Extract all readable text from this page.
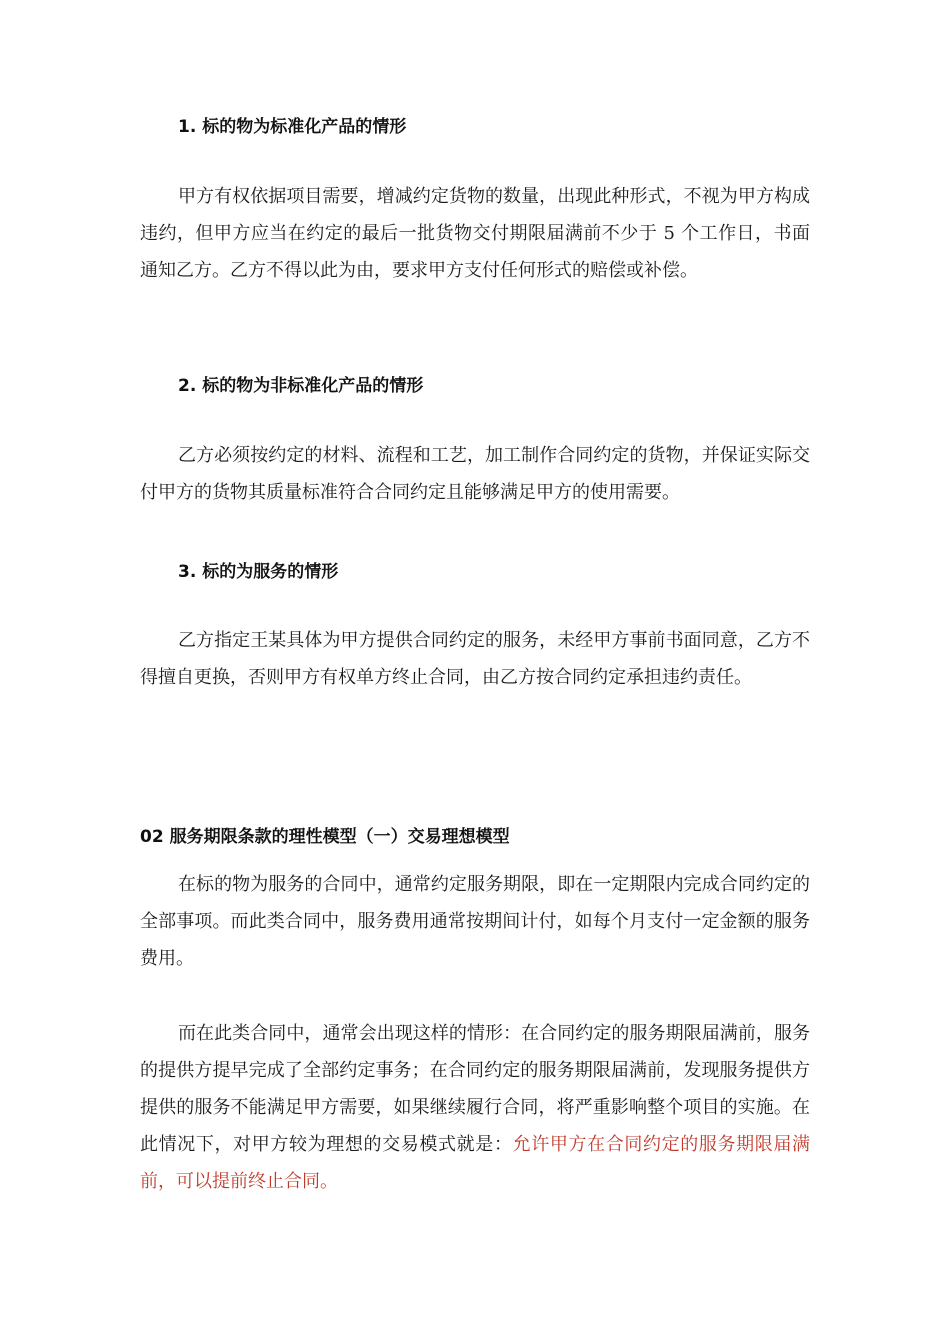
1. 标的物为标准化产品的情形
甲方有权依据项目需要，增减约定货物的数量，出现此种形式，不视为甲方构成违约，但甲方应当在约定的最后一批货物交付期限届满前不少于 5 个工作日，书面通知乙方。乙方不得以此为由，要求甲方支付任何形式的赔偿或补偿。
2. 标的物为非标准化产品的情形
乙方必须按约定的材料、流程和工艺，加工制作合同约定的货物，并保证实际交付甲方的货物其质量标准符合合同约定且能够满足甲方的使用需要。
3. 标的为服务的情形
乙方指定王某具体为甲方提供合同约定的服务，未经甲方事前书面同意，乙方不得擅自更换，否则甲方有权单方终止合同，由乙方按合同约定承担违约责任。
02 服务期限条款的理性模型（一）交易理想模型
在标的物为服务的合同中，通常约定服务期限，即在一定期限内完成合同约定的全部事项。而此类合同中，服务费用通常按期间计付，如每个月支付一定金额的服务费用。
而在此类合同中，通常会出现这样的情形：在合同约定的服务期限届满前，服务的提供方提早完成了全部约定事务；在合同约定的服务期限届满前，发现服务提供方提供的服务不能满足甲方需要，如果继续履行合同，将严重影响整个项目的实施。在此情况下，对甲方较为理想的交易模式就是：允许甲方在合同约定的服务期限届满前，可以提前终止合同。
